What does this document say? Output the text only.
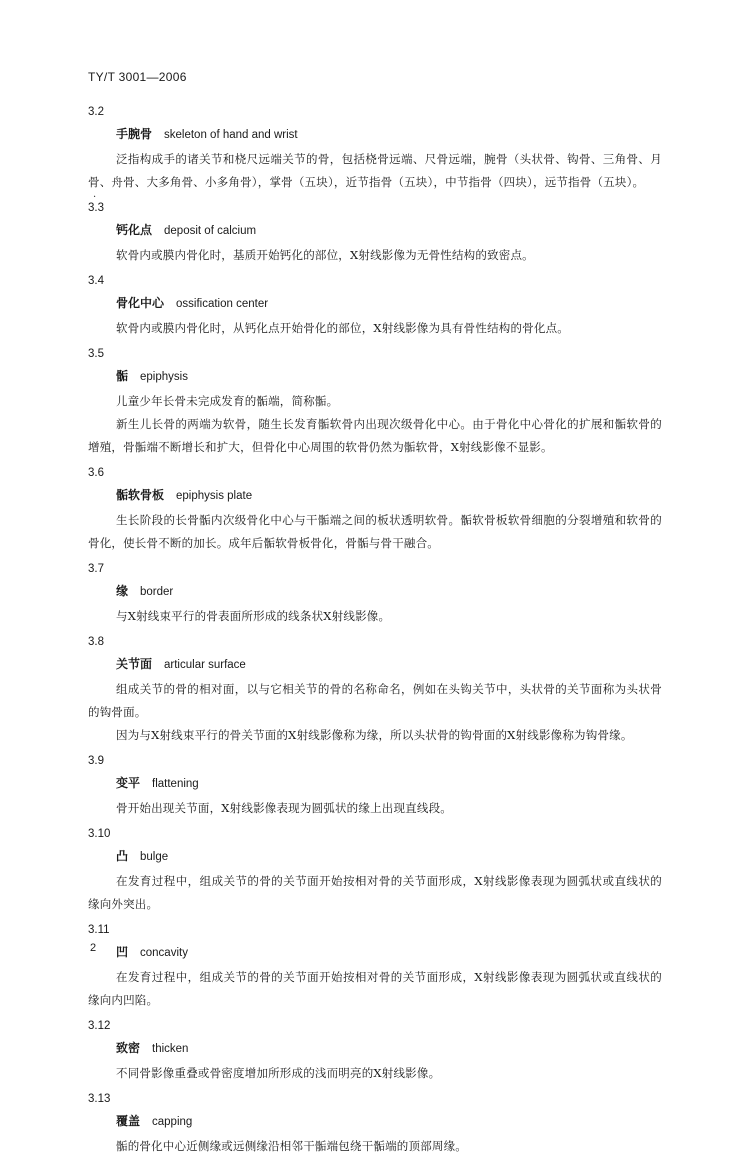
TY/T 3001—2006
·
3.2
手腕骨 skeleton of hand and wrist
泛指构成手的诸关节和桡尺远端关节的骨，包括桡骨远端、尺骨远端，腕骨（头状骨、钩骨、三角骨、月骨、舟骨、大多角骨、小多角骨），掌骨（五块），近节指骨（五块），中节指骨（四块），远节指骨（五块）。
3.3
钙化点 deposit of calcium
软骨内或膜内骨化时，基质开始钙化的部位，X射线影像为无骨性结构的致密点。
3.4
骨化中心 ossification center
软骨内或膜内骨化时，从钙化点开始骨化的部位，X射线影像为具有骨性结构的骨化点。
3.5
骺 epiphysis
儿童少年长骨未完成发育的骺端，简称骺。
新生儿长骨的两端为软骨，随生长发育骺软骨内出现次级骨化中心。由于骨化中心骨化的扩展和骺软骨的增殖，骨骺端不断增长和扩大，但骨化中心周围的软骨仍然为骺软骨，X射线影像不显影。
3.6
骺软骨板 epiphysis plate
生长阶段的长骨骺内次级骨化中心与干骺端之间的板状透明软骨。骺软骨板软骨细胞的分裂增殖和软骨的骨化，使长骨不断的加长。成年后骺软骨板骨化，骨骺与骨干融合。
3.7
缘 border
与X射线束平行的骨表面所形成的线条状X射线影像。
3.8
关节面 articular surface
组成关节的骨的相对面，以与它相关节的骨的名称命名，例如在头钩关节中，头状骨的关节面称为头状骨的钩骨面。
因为与X射线束平行的骨关节面的X射线影像称为缘，所以头状骨的钩骨面的X射线影像称为钩骨缘。
3.9
变平 flattening
骨开始出现关节面，X射线影像表现为圆弧状的缘上出现直线段。
3.10
凸 bulge
在发育过程中，组成关节的骨的关节面开始按相对骨的关节面形成，X射线影像表现为圆弧状或直线状的缘向外突出。
3.11
凹 concavity
在发育过程中，组成关节的骨的关节面开始按相对骨的关节面形成，X射线影像表现为圆弧状或直线状的缘向内凹陷。
3.12
致密 thicken
不同骨影像重叠或骨密度增加所形成的浅而明亮的X射线影像。
3.13
覆盖 capping
骺的骨化中心近侧缘或远侧缘沿相邻干骺端包绕干骺端的顶部周缘。
2
